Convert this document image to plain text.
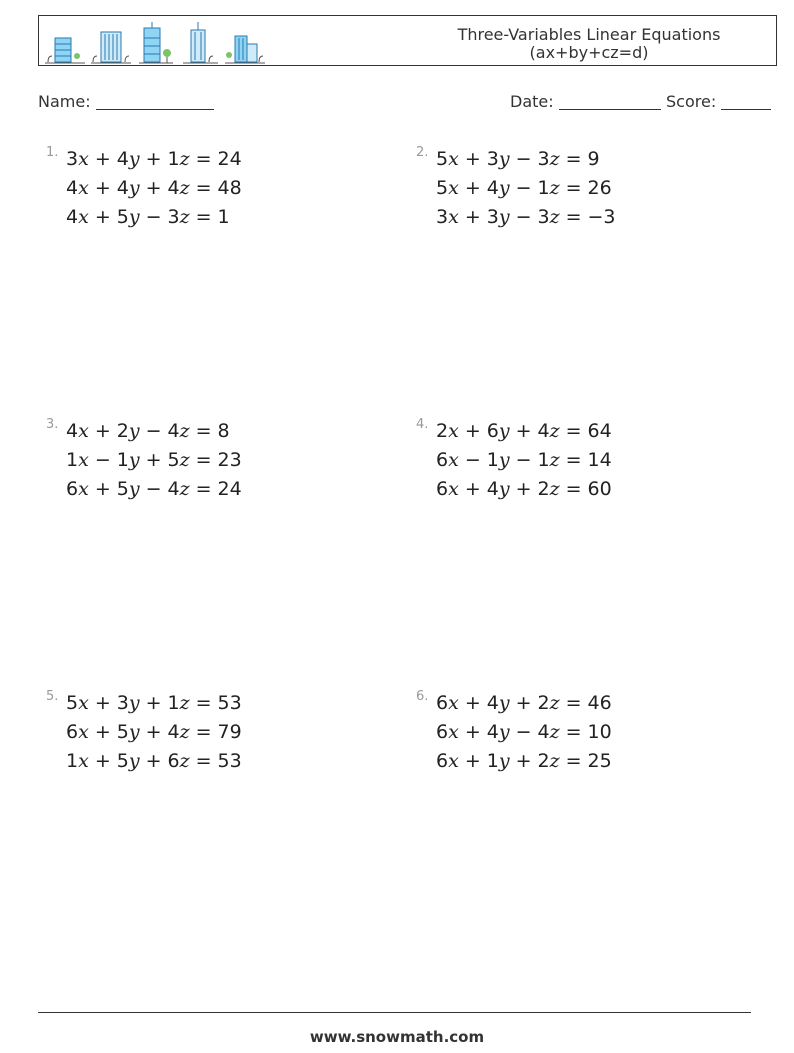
Three-Variables Linear Equations
(ax+by+cz=d)
Name:	Date:	Score:
1. 3x + 4y + 1z = 24
4x + 4y + 4z = 48
4x + 5y − 3z = 1
2. 5x + 3y − 3z = 9
5x + 4y − 1z = 26
3x + 3y − 3z = −3
3. 4x + 2y − 4z = 8
1x − 1y + 5z = 23
6x + 5y − 4z = 24
4. 2x + 6y + 4z = 64
6x − 1y − 1z = 14
6x + 4y + 2z = 60
5. 5x + 3y + 1z = 53
6x + 5y + 4z = 79
1x + 5y + 6z = 53
6. 6x + 4y + 2z = 46
6x + 4y − 4z = 10
6x + 1y + 2z = 25
www.snowmath.com
